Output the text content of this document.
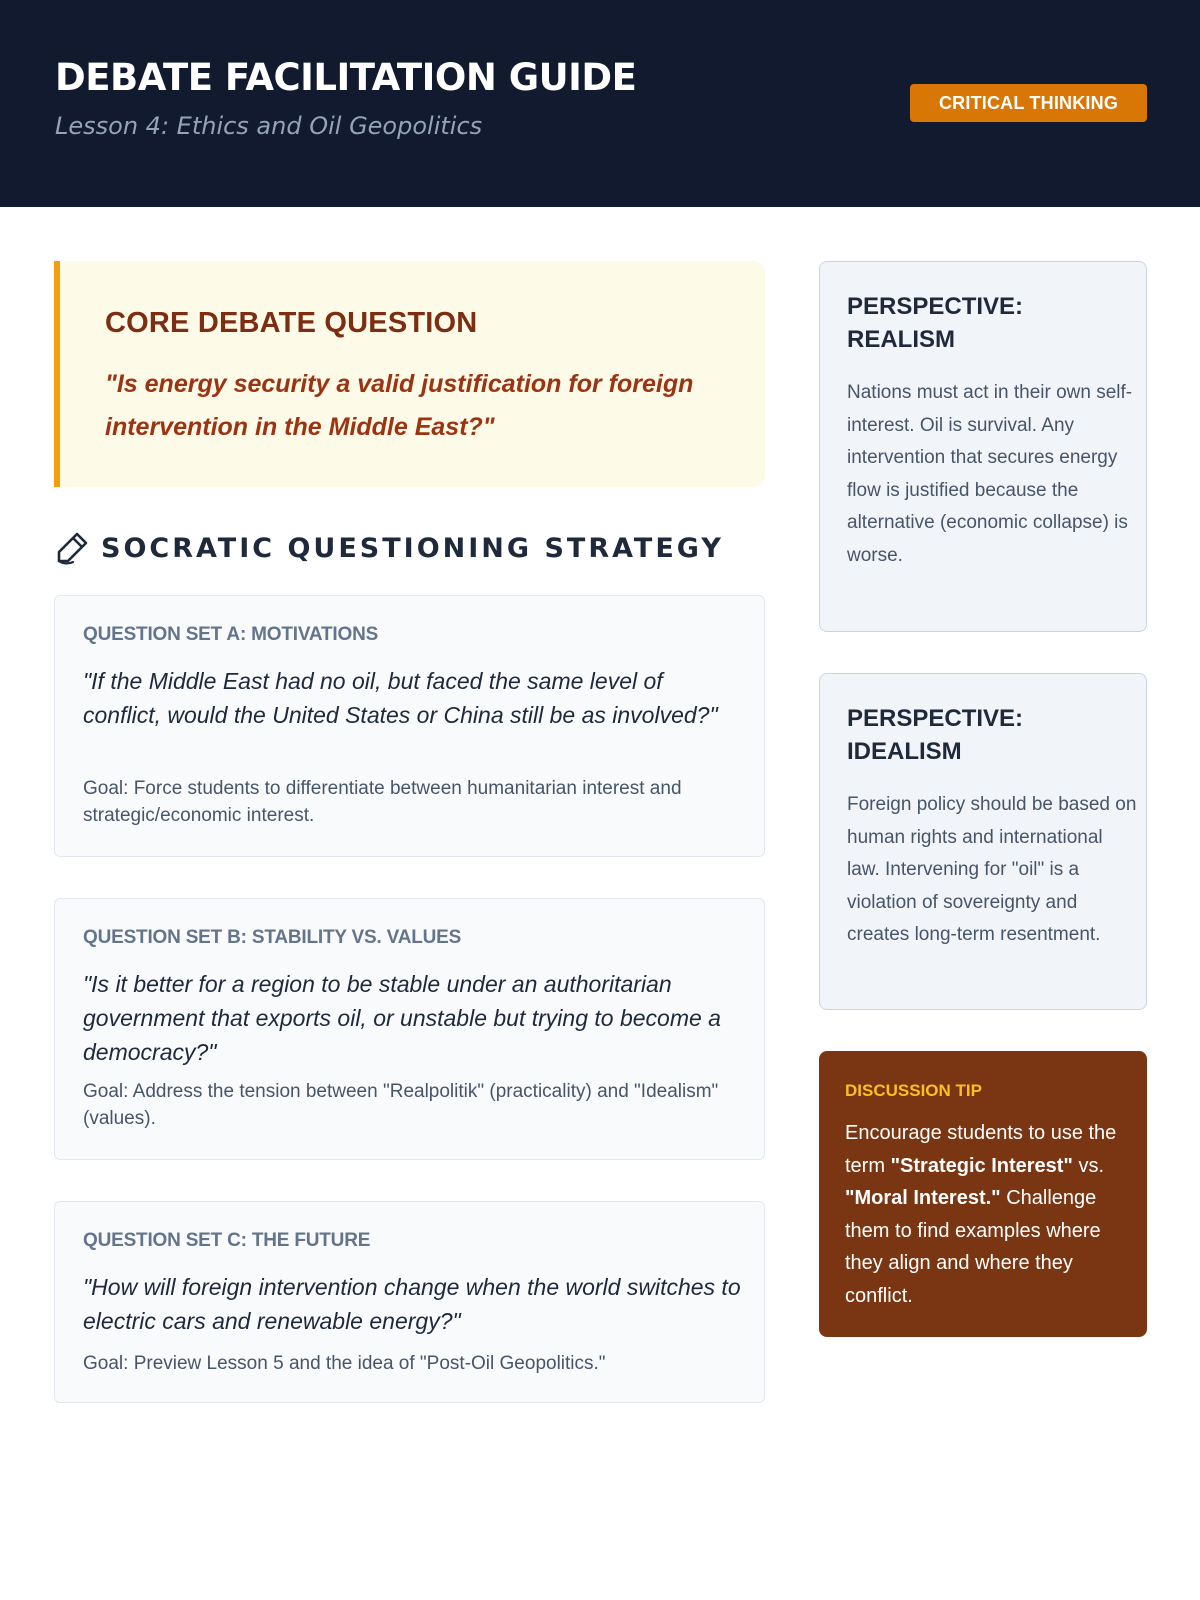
DEBATE FACILITATION GUIDE
Lesson 4: Ethics and Oil Geopolitics
CRITICAL THINKING
CORE DEBATE QUESTION
"Is energy security a valid justification for foreign intervention in the Middle East?"
SOCRATIC QUESTIONING STRATEGY
QUESTION SET A: MOTIVATIONS
"If the Middle East had no oil, but faced the same level of conflict, would the United States or China still be as involved?"
Goal: Force students to differentiate between humanitarian interest and strategic/economic interest.
QUESTION SET B: STABILITY VS. VALUES
"Is it better for a region to be stable under an authoritarian government that exports oil, or unstable but trying to become a democracy?"
Goal: Address the tension between "Realpolitik" (practicality) and "Idealism" (values).
QUESTION SET C: THE FUTURE
"How will foreign intervention change when the world switches to electric cars and renewable energy?"
Goal: Preview Lesson 5 and the idea of "Post-Oil Geopolitics."
PERSPECTIVE: REALISM
Nations must act in their own self-interest. Oil is survival. Any intervention that secures energy flow is justified because the alternative (economic collapse) is worse.
PERSPECTIVE: IDEALISM
Foreign policy should be based on human rights and international law. Intervening for "oil" is a violation of sovereignty and creates long-term resentment.
DISCUSSION TIP
Encourage students to use the term "Strategic Interest" vs. "Moral Interest." Challenge them to find examples where they align and where they conflict.
